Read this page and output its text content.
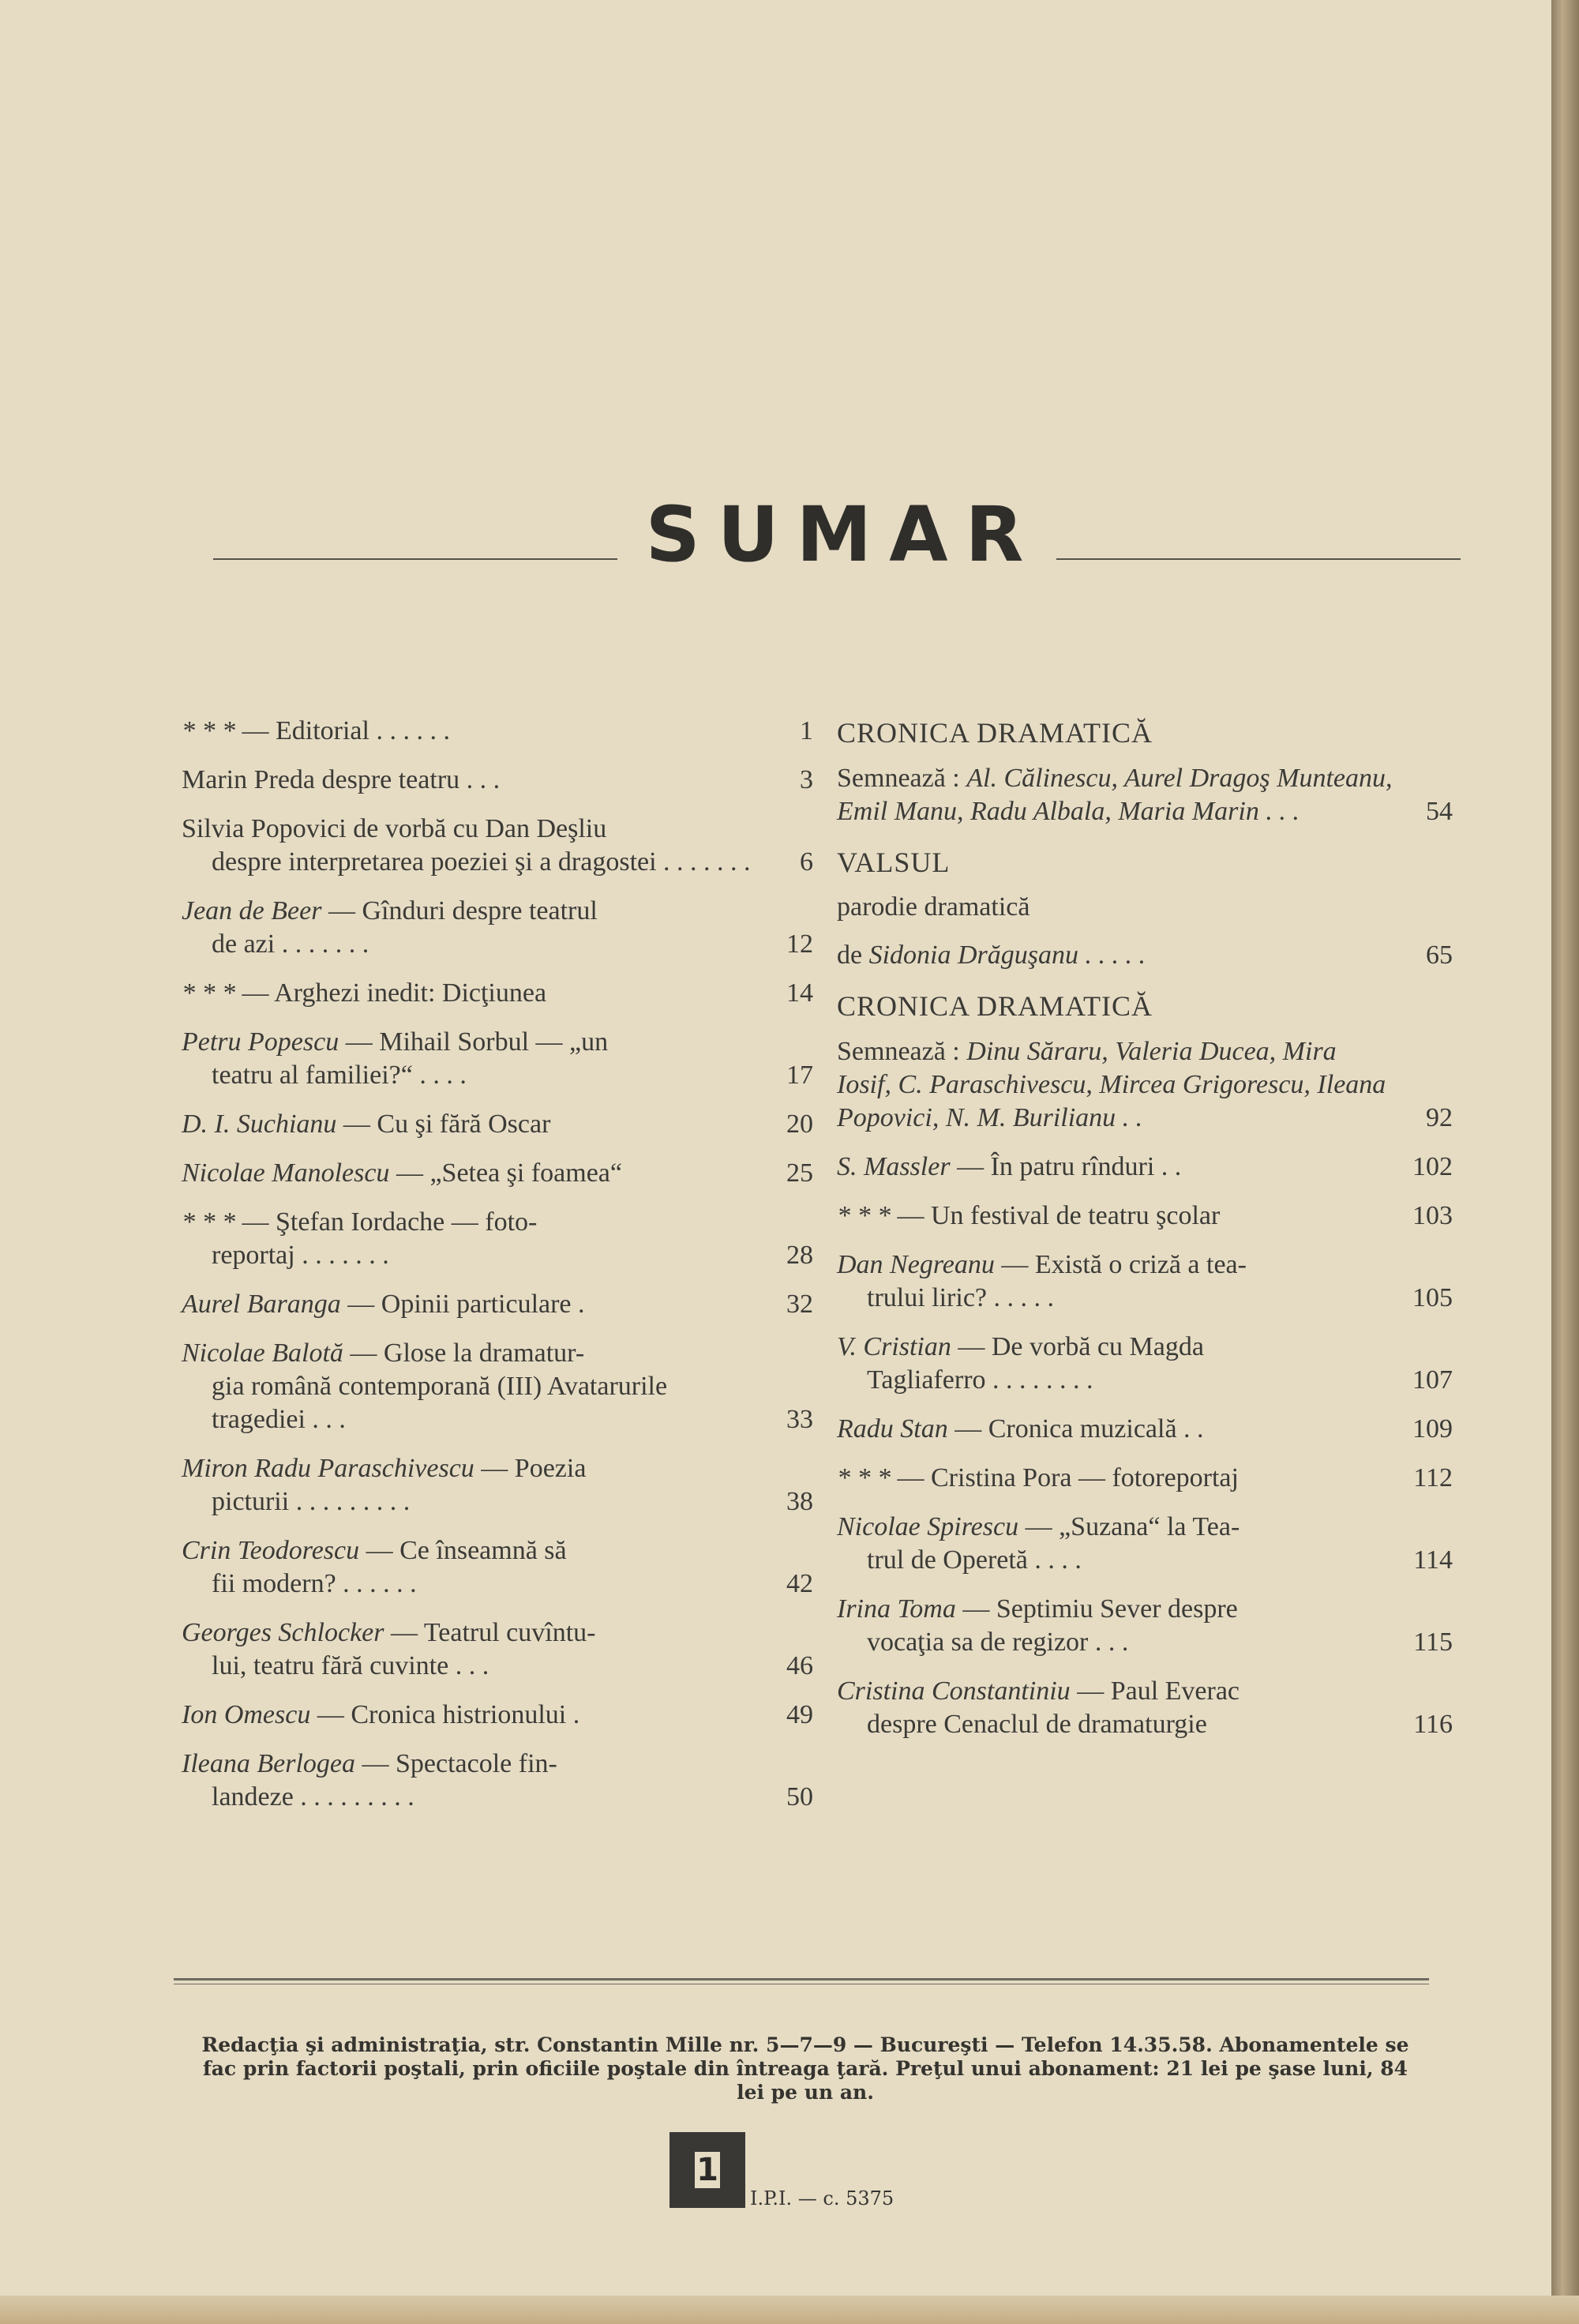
SUMAR
* * * — Editorial . . . . . .	1
Marin Preda despre teatru . . .	3
Silvia Popovici de vorbă cu Dan Deşliu
despre interpretarea poeziei şi a dragostei . . . . . . .	6
Jean de Beer — Gînduri despre teatrul
de azi . . . . . . .	12
* * * — Arghezi inedit: Dicţiunea	14
Petru Popescu — Mihail Sorbul — „un
teatru al familiei?“ . . . .	17
D. I. Suchianu — Cu şi fără Oscar	20
Nicolae Manolescu — „Setea şi foamea“	25
* * * — Ştefan Iordache — foto-
reportaj . . . . . . .	28
Aurel Baranga — Opinii particulare .	32
Nicolae Balotă — Glose la dramatur-
gia română contemporană (III) Avatarurile tragediei . . .	33
Miron Radu Paraschivescu — Poezia
picturii . . . . . . . . .	38
Crin Teodorescu — Ce înseamnă să
fii modern? . . . . . .	42
Georges Schlocker — Teatrul cuvîntu-
lui, teatru fără cuvinte . . .	46
Ion Omescu — Cronica histrionului .	49
Ileana Berlogea — Spectacole fin-
landeze . . . . . . . . .	50
CRONICA DRAMATICĂ
Semnează : Al. Călinescu, Aurel Dragoş Munteanu, Emil Manu, Radu Albala, Maria Marin . . .	54
VALSUL
parodie dramatică
de Sidonia Drăguşanu . . . . .	65
CRONICA DRAMATICĂ
Semnează : Dinu Săraru, Valeria Ducea, Mira Iosif, C. Paraschivescu, Mircea Grigorescu, Ileana Popovici, N. M. Burilianu . .	92
S. Massler — În patru rînduri . .	102
* * * — Un festival de teatru şcolar	103
Dan Negreanu — Există o criză a tea-
trului liric? . . . . .	105
V. Cristian — De vorbă cu Magda
Tagliaferro . . . . . . . .	107
Radu Stan — Cronica muzicală . .	109
* * * — Cristina Pora — fotoreportaj	112
Nicolae Spirescu — „Suzana“ la Tea-
trul de Operetă . . . .	114
Irina Toma — Septimiu Sever despre
vocaţia sa de regizor . . .	115
Cristina Constantiniu — Paul Everac
despre Cenaclul de dramaturgie	116
Redacţia şi administraţia, str. Constantin Mille nr. 5—7—9 — Bucureşti — Telefon 14.35.58. Abonamentele se fac prin factorii poştali, prin oficiile poştale din întreaga ţară. Preţul unui abonament: 21 lei pe şase luni, 84 lei pe un an.
1
I.P.I. — c. 5375
